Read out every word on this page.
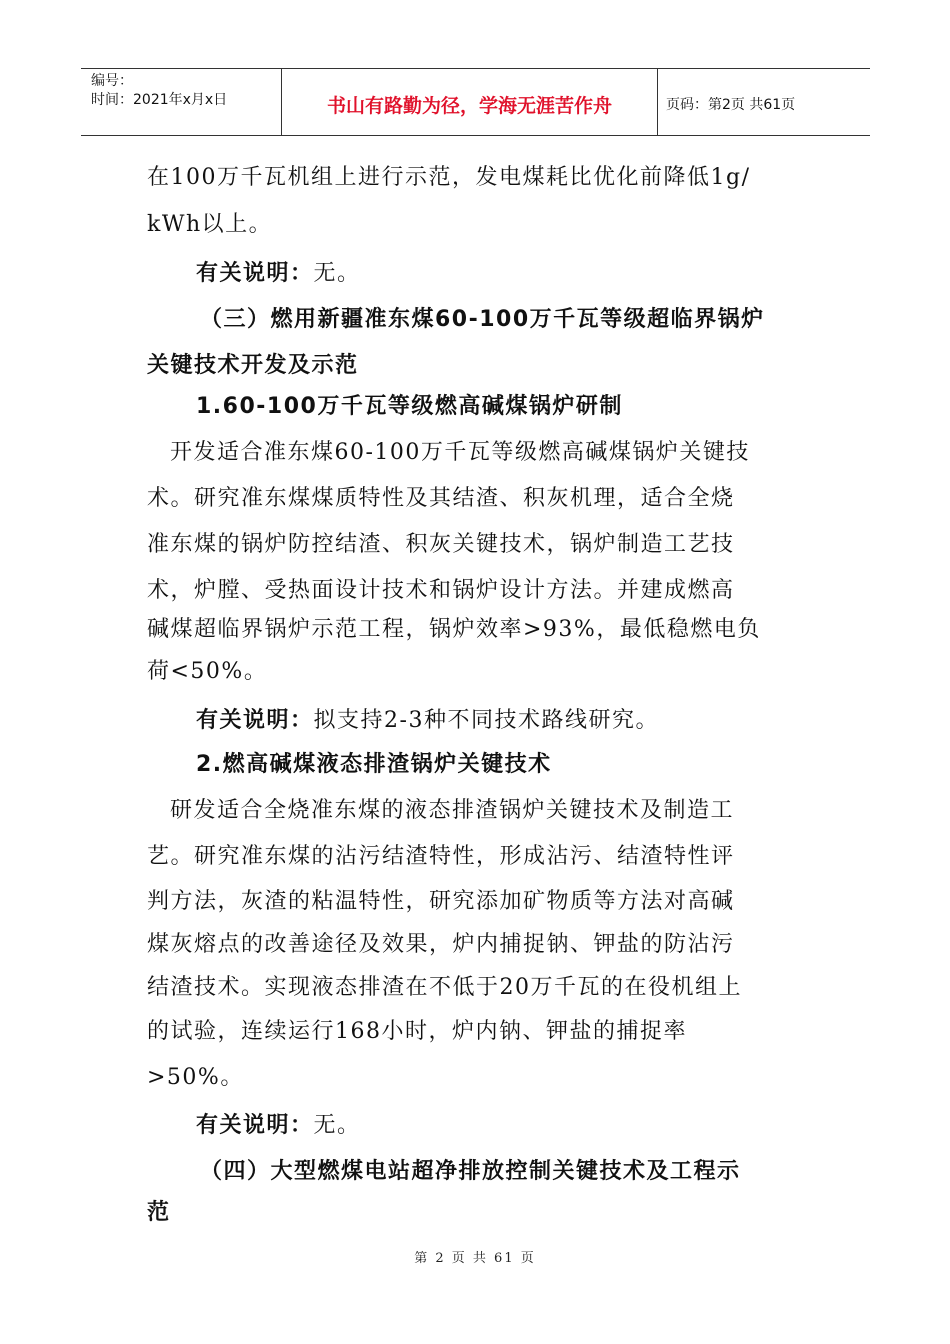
编号：
时间：2021年x月x日	书山有路勤为径，学海无涯苦作舟	页码：第2页 共61页
在100万千瓦机组上进行示范，发电煤耗比优化前降低1g/
kWh以上。
有关说明：无。
（三）燃用新疆准东煤60-100万千瓦等级超临界锅炉
关键技术开发及示范
1.60-100万千瓦等级燃高碱煤锅炉研制
开发适合准东煤60-100万千瓦等级燃高碱煤锅炉关键技
术。研究准东煤煤质特性及其结渣、积灰机理，适合全烧
准东煤的锅炉防控结渣、积灰关键技术，锅炉制造工艺技
术，炉膛、受热面设计技术和锅炉设计方法。并建成燃高
碱煤超临界锅炉示范工程，锅炉效率>93%，最低稳燃电负
荷<50%。
有关说明：拟支持2-3种不同技术路线研究。
2.燃高碱煤液态排渣锅炉关键技术
研发适合全烧准东煤的液态排渣锅炉关键技术及制造工
艺。研究准东煤的沾污结渣特性，形成沾污、结渣特性评
判方法，灰渣的粘温特性，研究添加矿物质等方法对高碱
煤灰熔点的改善途径及效果，炉内捕捉钠、钾盐的防沾污
结渣技术。实现液态排渣在不低于20万千瓦的在役机组上
的试验，连续运行168小时，炉内钠、钾盐的捕捉率
>50%。
有关说明：无。
（四）大型燃煤电站超净排放控制关键技术及工程示
范
第 2 页 共 61 页
